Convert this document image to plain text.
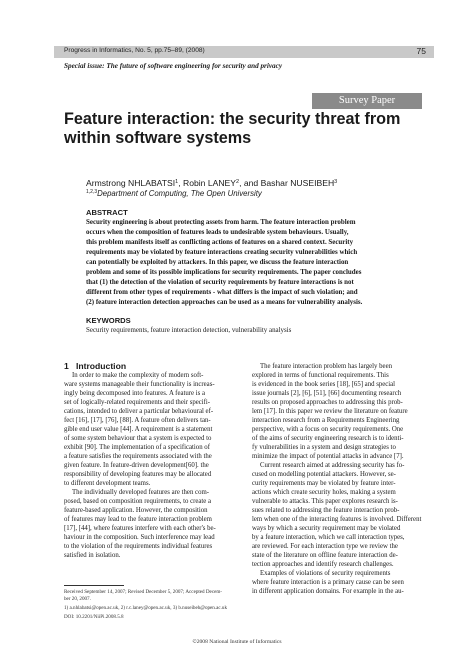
Progress in Informatics, No. 5, pp.75–89, (2008)	75
Special issue: The future of software engineering for security and privacy
Survey Paper
Feature interaction: the security threat from within software systems
Armstrong NHLABATSI$^1$, Robin LANEY$^2$, and Bashar NUSEIBEH$^3$
$^{1,2,3}$Department of Computing, The Open University
ABSTRACT
Security engineering is about protecting assets from harm. The feature interaction problem
occurs when the composition of features leads to undesirable system behaviours. Usually,
this problem manifests itself as conflicting actions of features on a shared context. Security
requirements may be violated by feature interactions creating security vulnerabilities which
can potentially be exploited by attackers. In this paper, we discuss the feature interaction
problem and some of its possible implications for security requirements. The paper concludes
that (1) the detection of the violation of security requirements by feature interactions is not
different from other types of requirements - what differs is the impact of such violation; and
(2) feature interaction detection approaches can be used as a means for vulnerability analysis.
KEYWORDS
Security requirements, feature interaction detection, vulnerability analysis
1 Introduction
In order to make the complexity of modern soft-
ware systems manageable their functionality is increas-
ingly being decomposed into features. A feature is a
set of logically-related requirements and their specifi-
cations, intended to deliver a particular behavioural ef-
fect [16], [17], [76], [88]. A feature often delivers tan-
gible end user value [44]. A requirement is a statement
of some system behaviour that a system is expected to
exhibit [90]. The implementation of a specification of
a feature satisfies the requirements associated with the
given feature. In feature-driven development[60]. the
responsibility of developing features may be allocated
to different development teams.
The individually developed features are then com-
posed, based on composition requirements, to create a
feature-based application. However, the composition
of features may lead to the feature interaction problem
[17], [44], where features interfere with each other's be-
haviour in the composition. Such interference may lead
to the violation of the requirements individual features
satisfied in isolation.
The feature interaction problem has largely been
explored in terms of functional requirements. This
is evidenced in the book series [18], [65] and special
issue journals [2], [6], [51], [66] documenting research
results on proposed approaches to addressing this prob-
lem [17]. In this paper we review the literature on feature
interaction research from a Requirements Engineering
perspective, with a focus on security requirements. One
of the aims of security engineering research is to identi-
fy vulnerabilities in a system and design strategies to
minimize the impact of potential attacks in advance [7].
Current research aimed at addressing security has fo-
cused on modelling potential attackers. However, se-
curity requirements may be violated by feature inter-
actions which create security holes, making a system
vulnerable to attacks. This paper explores research is-
sues related to addressing the feature interaction prob-
lem when one of the interacting features is involved. Different
ways by which a security requirement may be violated
by a feature interaction, which we call interaction types,
are reviewed. For each interaction type we review the
state of the literature on offline feature interaction de-
tection approaches and identify research challenges.
Examples of violations of security requirements
where feature interaction is a primary cause can be seen
in different application domains. For example in the au-
Received September 14, 2007; Revised December 5, 2007; Accepted Decem-
ber 20, 2007.
1) a.nhlabatsi@open.ac.uk, 2) r.c.laney@open.ac.uk, 3) b.nuseibeh@open.ac.uk
DOI: 10.2201/NiiPi.2008.5.8
©2008 National Institute of Informatics
